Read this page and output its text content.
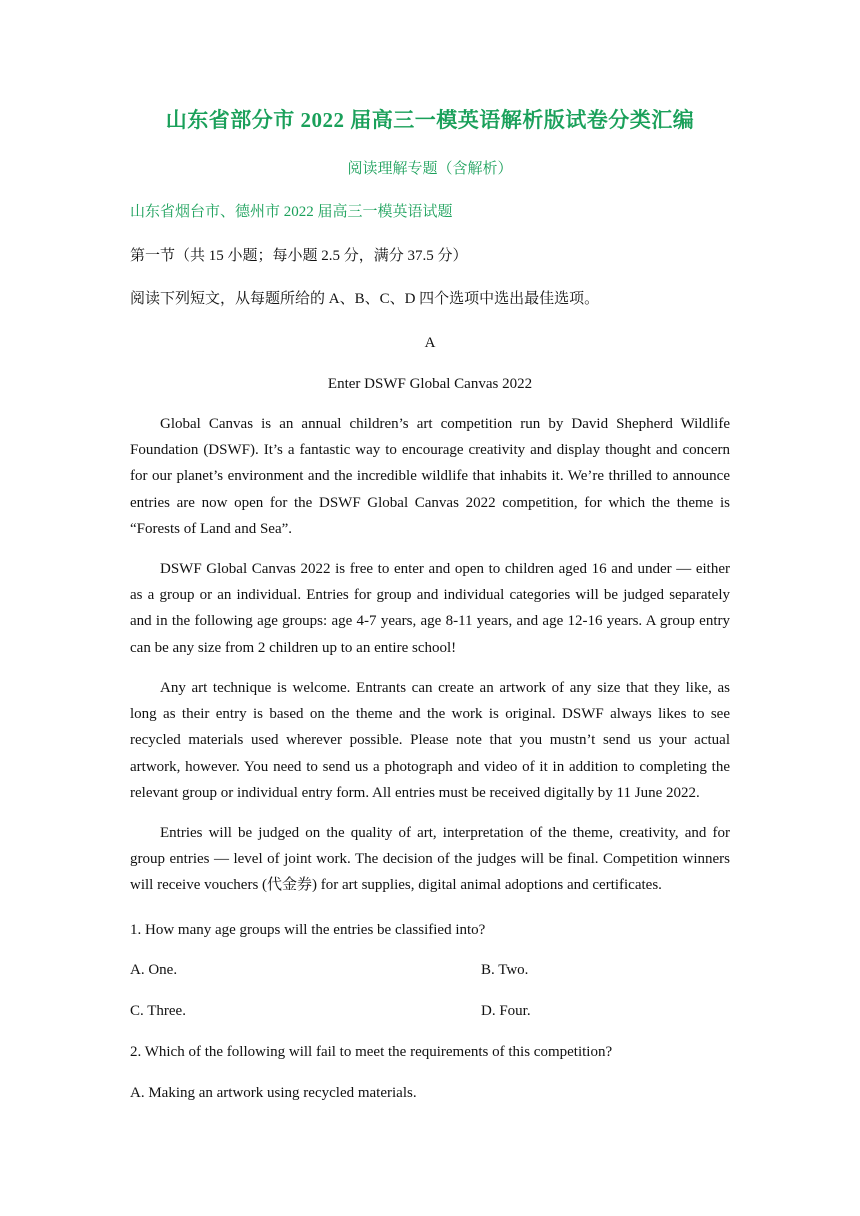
山东省部分市 2022 届高三一模英语解析版试卷分类汇编
阅读理解专题（含解析）
山东省烟台市、德州市 2022 届高三一模英语试题
第一节（共 15 小题；每小题 2.5 分，满分 37.5 分）
阅读下列短文，从每题所给的 A、B、C、D 四个选项中选出最佳选项。
A
Enter DSWF Global Canvas 2022

Global Canvas is an annual children’s art competition run by David Shepherd Wildlife Foundation (DSWF). It’s a fantastic way to encourage creativity and display thought and concern for our planet’s environment and the incredible wildlife that inhabits it. We’re thrilled to announce entries are now open for the DSWF Global Canvas 2022 competition, for which the theme is “Forests of Land and Sea”.

DSWF Global Canvas 2022 is free to enter and open to children aged 16 and under — either as a group or an individual. Entries for group and individual categories will be judged separately and in the following age groups: age 4-7 years, age 8-11 years, and age 12-16 years. A group entry can be any size from 2 children up to an entire school!

Any art technique is welcome. Entrants can create an artwork of any size that they like, as long as their entry is based on the theme and the work is original. DSWF always likes to see recycled materials used wherever possible. Please note that you mustn’t send us your actual artwork, however. You need to send us a photograph and video of it in addition to completing the relevant group or individual entry form. All entries must be received digitally by 11 June 2022.

Entries will be judged on the quality of art, interpretation of the theme, creativity, and for group entries — level of joint work. The decision of the judges will be final. Competition winners will receive vouchers (代金券) for art supplies, digital animal adoptions and certificates.

1. How many age groups will the entries be classified into?
A. One.	B. Two.
C. Three.	D. Four.
2. Which of the following will fail to meet the requirements of this competition?
A. Making an artwork using recycled materials.
